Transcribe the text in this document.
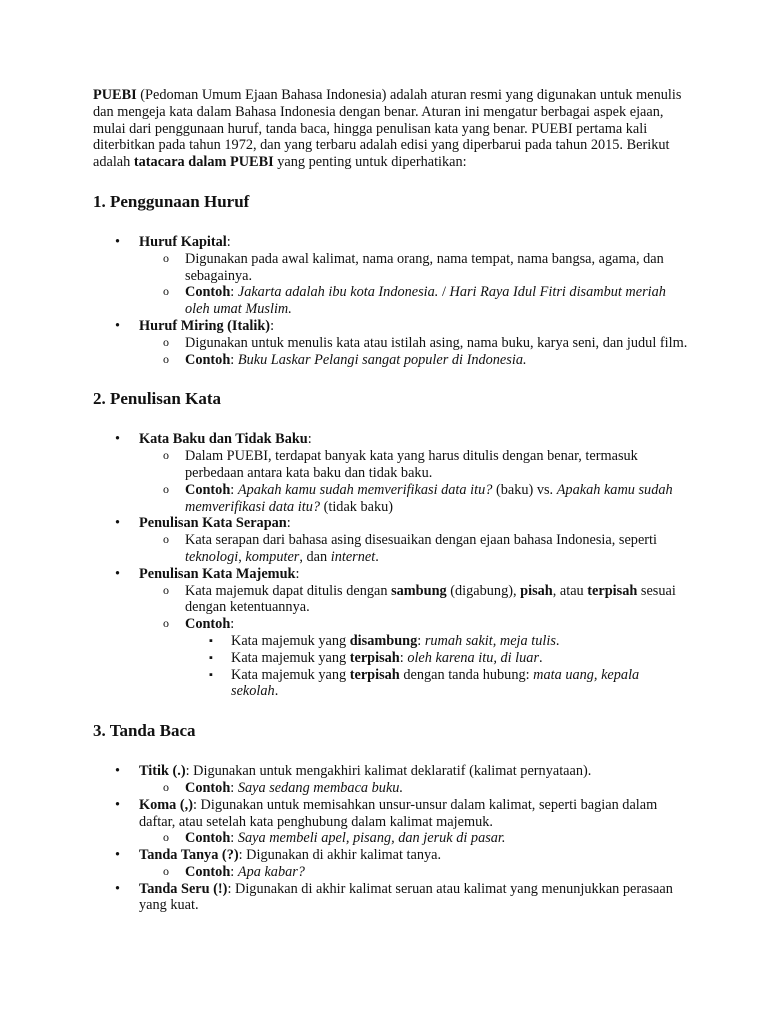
PUEBI (Pedoman Umum Ejaan Bahasa Indonesia) adalah aturan resmi yang digunakan untuk menulis dan mengeja kata dalam Bahasa Indonesia dengan benar. Aturan ini mengatur berbagai aspek ejaan, mulai dari penggunaan huruf, tanda baca, hingga penulisan kata yang benar. PUEBI pertama kali diterbitkan pada tahun 1972, dan yang terbaru adalah edisi yang diperbarui pada tahun 2015. Berikut adalah tatacara dalam PUEBI yang penting untuk diperhatikan:

1. Penggunaan Huruf
• Huruf Kapital:
o Digunakan pada awal kalimat, nama orang, nama tempat, nama bangsa, agama, dan sebagainya.
o Contoh: Jakarta adalah ibu kota Indonesia. / Hari Raya Idul Fitri disambut meriah oleh umat Muslim.
• Huruf Miring (Italik):
o Digunakan untuk menulis kata atau istilah asing, nama buku, karya seni, dan judul film.
o Contoh: Buku Laskar Pelangi sangat populer di Indonesia.
2. Penulisan Kata
• Kata Baku dan Tidak Baku:
o Dalam PUEBI, terdapat banyak kata yang harus ditulis dengan benar, termasuk perbedaan antara kata baku dan tidak baku.
o Contoh: Apakah kamu sudah memverifikasi data itu? (baku) vs. Apakah kamu sudah memverifikasi data itu? (tidak baku)
• Penulisan Kata Serapan:
o Kata serapan dari bahasa asing disesuaikan dengan ejaan bahasa Indonesia, seperti teknologi, komputer, dan internet.
• Penulisan Kata Majemuk:
o Kata majemuk dapat ditulis dengan sambung (digabung), pisah, atau terpisah sesuai dengan ketentuannya.
o Contoh:
▪ Kata majemuk yang disambung: rumah sakit, meja tulis.
▪ Kata majemuk yang terpisah: oleh karena itu, di luar.
▪ Kata majemuk yang terpisah dengan tanda hubung: mata uang, kepala sekolah.
3. Tanda Baca
• Titik (.): Digunakan untuk mengakhiri kalimat deklaratif (kalimat pernyataan).
o Contoh: Saya sedang membaca buku.
• Koma (,): Digunakan untuk memisahkan unsur-unsur dalam kalimat, seperti bagian dalam daftar, atau setelah kata penghubung dalam kalimat majemuk.
o Contoh: Saya membeli apel, pisang, dan jeruk di pasar.
• Tanda Tanya (?): Digunakan di akhir kalimat tanya.
o Contoh: Apa kabar?
• Tanda Seru (!): Digunakan di akhir kalimat seruan atau kalimat yang menunjukkan perasaan yang kuat.
